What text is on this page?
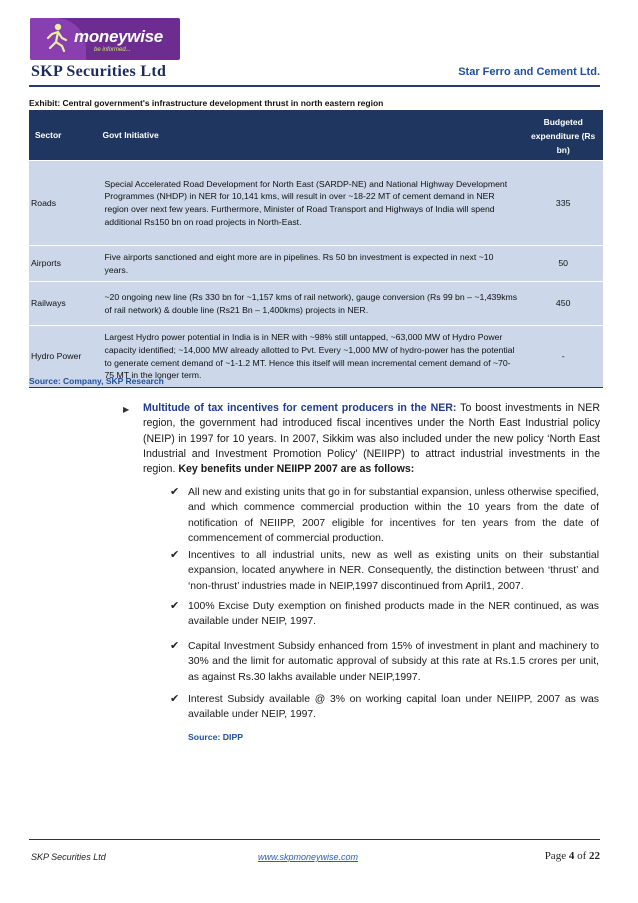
moneywise
be informed...
SKP Securities Ltd	Star Ferro and Cement Ltd.
Exhibit: Central government's infrastructure development thrust in north eastern region
Sector	Govt Initiative	Budgeted expenditure (Rs bn)
Roads	Special Accelerated Road Development for North East (SARDP-NE) and National Highway Development Programmes (NHDP) in NER for 10,141 kms, will result in over ~18-22 MT of cement demand in NER region over next few years. Furthermore, Minister of Road Transport and Highways of India will spend additional Rs150 bn on road projects in North-East.	335
Airports	Five airports sanctioned and eight more are in pipelines. Rs 50 bn investment is expected in next ~10 years.	50
Railways	~20 ongoing new line (Rs 330 bn for ~1,157 kms of rail network), gauge conversion (Rs 99 bn – ~1,439kms of rail network) & double line (Rs21 Bn – 1,400kms) projects in NER.	450
Hydro Power	Largest Hydro power potential in India is in NER with ~98% still untapped, ~63,000 MW of Hydro Power capacity identified; ~14,000 MW already allotted to Pvt. Every ~1,000 MW of hydro-power has the potential to generate cement demand of ~1-1.2 MT. Hence this itself will mean incremental cement demand of ~70-75 MT in the longer term.	-
Source: Company, SKP Research
▶ Multitude of tax incentives for cement producers in the NER: To boost investments in NER region, the government had introduced fiscal incentives under the North East Industrial policy (NEIP) in 1997 for 10 years. In 2007, Sikkim was also included under the new policy ‘North East Industrial and Investment Promotion Policy’ (NEIIPP) to attract industrial investments in the region. Key benefits under NEIIPP 2007 are as follows:
✔ All new and existing units that go in for substantial expansion, unless otherwise specified, and which commence commercial production within the 10 years from the date of notification of NEIIPP, 2007 eligible for incentives for ten years from the date of commencement of commercial production.
✔ Incentives to all industrial units, new as well as existing units on their substantial expansion, located anywhere in NER. Consequently, the distinction between ‘thrust’ and ‘non-thrust’ industries made in NEIP,1997 discontinued from April1, 2007.
✔ 100% Excise Duty exemption on finished products made in the NER continued, as was available under NEIP, 1997.
✔ Capital Investment Subsidy enhanced from 15% of investment in plant and machinery to 30% and the limit for automatic approval of subsidy at this rate at Rs.1.5 crores per unit, as against Rs.30 lakhs available under NEIP,1997.
✔ Interest Subsidy available @ 3% on working capital loan under NEIIPP, 2007 as was available under NEIP, 1997.
Source: DIPP
SKP Securities Ltd	www.skpmoneywise.com	Page 4 of 22
